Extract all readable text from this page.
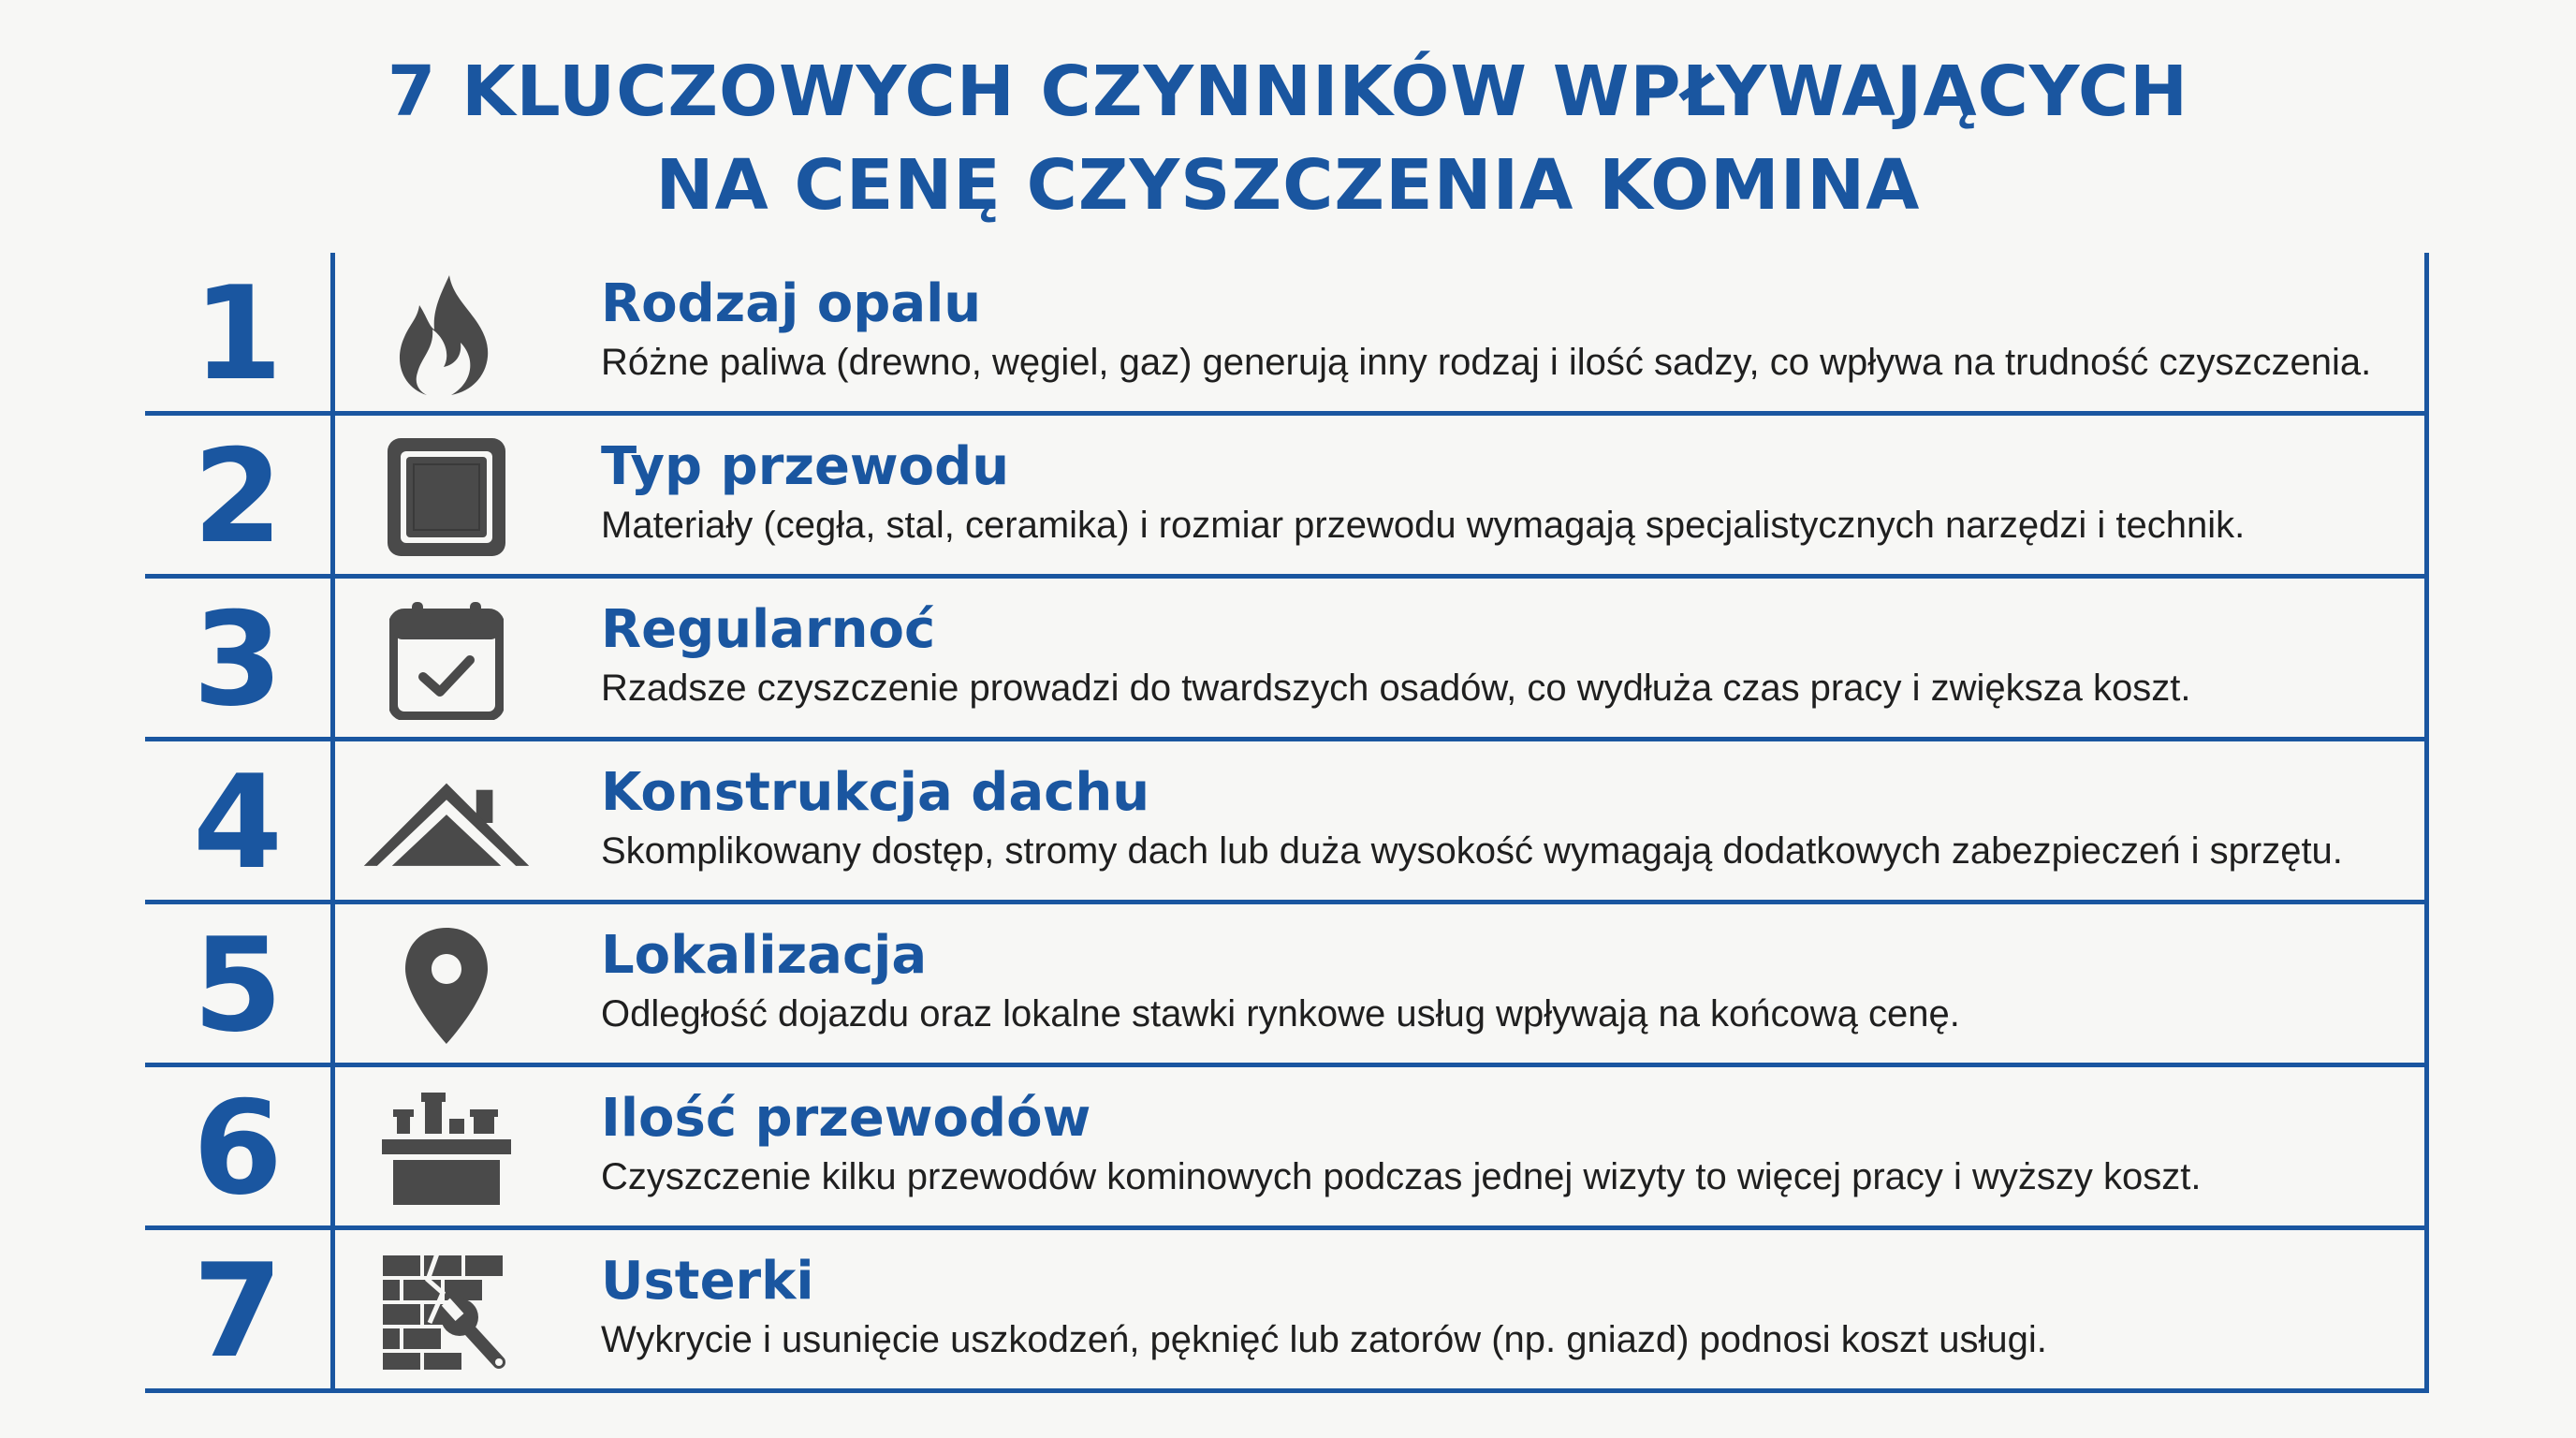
7 KLUCZOWYCH CZYNNIKÓW WPŁYWAJĄCYCH
NA CENĘ CZYSZCZENIA KOMINA
1	Rodzaj opalu

Różne paliwa (drewno, węgiel, gaz) generują inny rodzaj i ilość sadzy, co wpływa na trudność czyszczenia.

2	Typ przewodu

Materiały (cegła, stal, ceramika) i rozmiar przewodu wymagają specjalistycznych narzędzi i technik.

3	Regularnoć

Rzadsze czyszczenie prowadzi do twardszych osadów, co wydłuża czas pracy i zwiększa koszt.

4	Konstrukcja dachu

Skomplikowany dostęp, stromy dach lub duża wysokość wymagają dodatkowych zabezpieczeń i sprzętu.

5	Lokalizacja

Odległość dojazdu oraz lokalne stawki rynkowe usług wpływają na końcową cenę.

6	Ilość przewodów

Czyszczenie kilku przewodów kominowych podczas jednej wizyty to więcej pracy i wyższy koszt.

7	Usterki

Wykrycie i usunięcie uszkodzeń, pęknięć lub zatorów (np. gniazd) podnosi koszt usługi.
